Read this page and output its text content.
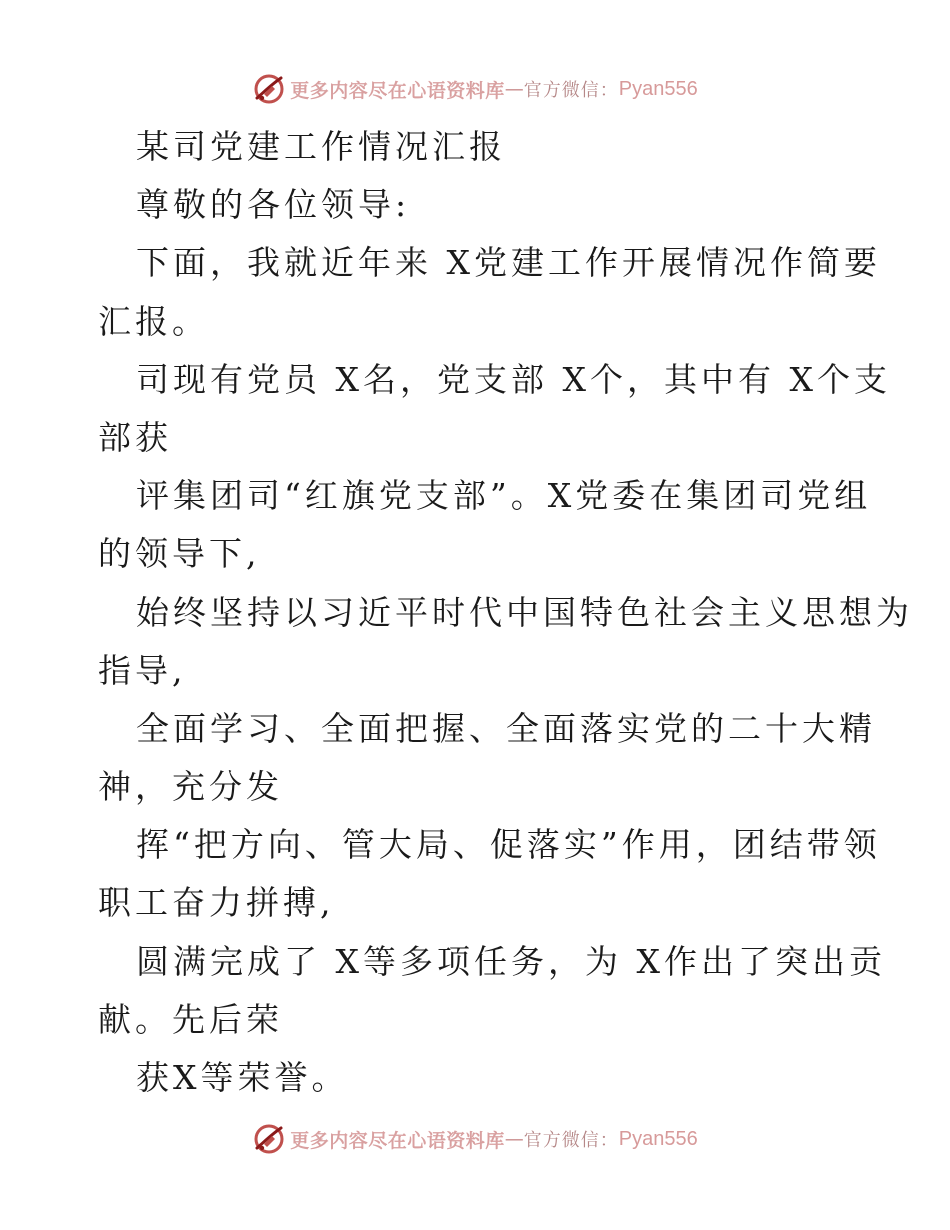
更多内容尽在心语资料库 — 官方微信： Pyan556
某司党建工作情况汇报
尊敬的各位领导:
下面，我就近年来 X党建工作开展情况作简要
汇报。
司现有党员 X名，党支部 X个，其中有 X个支
部获
评集团司“红旗党支部”。X党委在集团司党组
的领导下,
始终坚持以习近平时代中国特色社会主义思想为
指导,
全面学习、全面把握、全面落实党的二十大精
神，充分发
挥“把方向、管大局、促落实”作用，团结带领
职工奋力拼搏,
圆满完成了 X等多项任务，为 X作出了突出贡
献。先后荣
获X等荣誉。
更多内容尽在心语资料库 — 官方微信： Pyan556
